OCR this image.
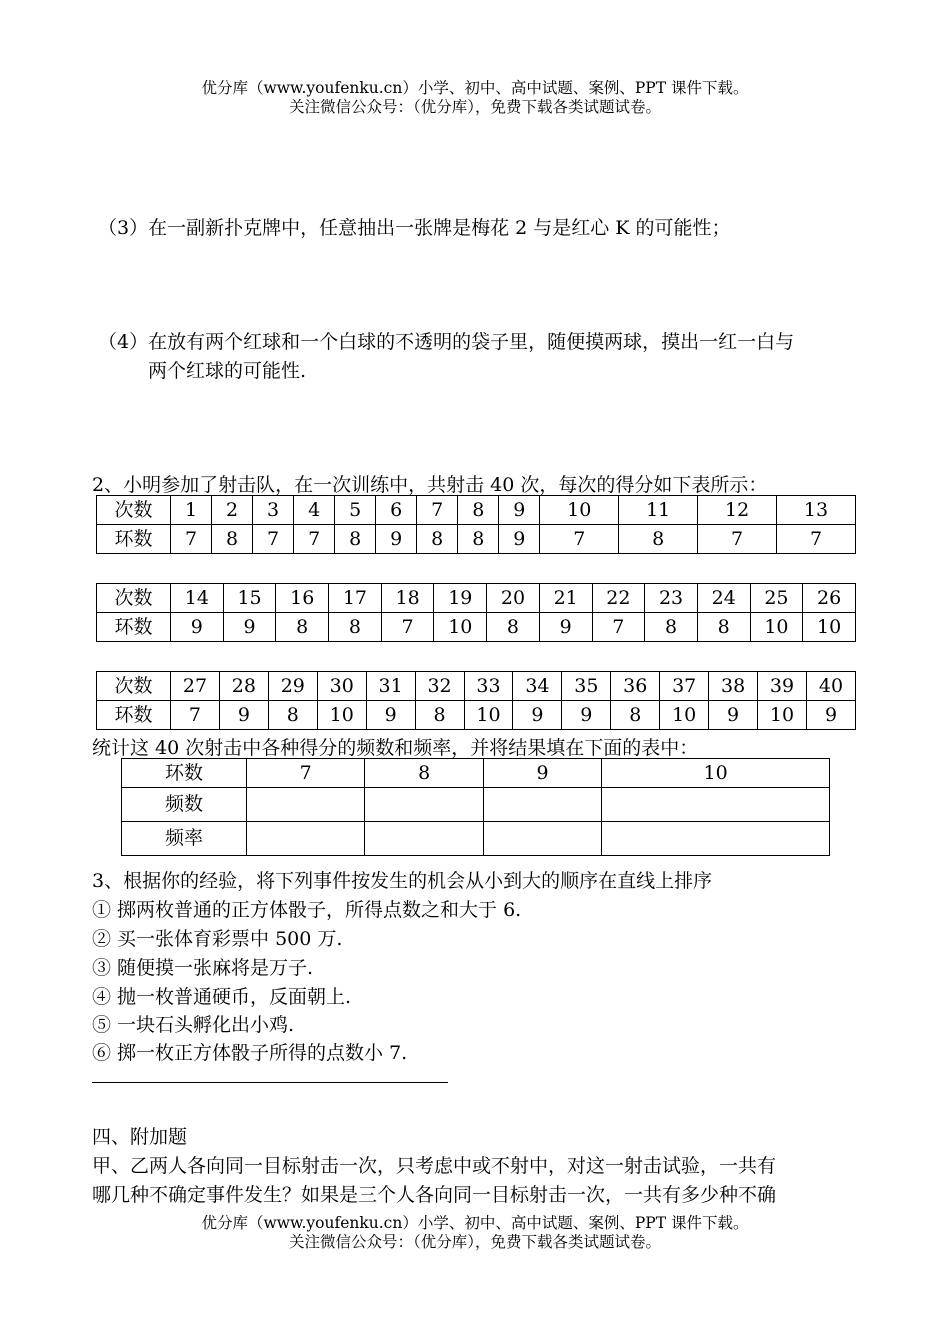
优分库（www.youfenku.cn）小学、初中、高中试题、案例、PPT 课件下载。
关注微信公众号：（优分库），免费下载各类试题试卷。
（3）在一副新扑克牌中，任意抽出一张牌是梅花 2 与是红心 K 的可能性；
（4）在放有两个红球和一个白球的不透明的袋子里，随便摸两球，摸出一红一白与
两个红球的可能性.
2、小明参加了射击队，在一次训练中，共射击 40 次，每次的得分如下表所示：
次数	1	2	3	4	5	6	7	8	9	10	11	12	13
环数	7	8	7	7	8	9	8	8	9	7	8	7	7
次数	14	15	16	17	18	19	20	21	22	23	24	25	26
环数	9	9	8	8	7	10	8	9	7	8	8	10	10
次数	27	28	29	30	31	32	33	34	35	36	37	38	39	40
环数	7	9	8	10	9	8	10	9	9	8	10	9	10	9
统计这 40 次射击中各种得分的频数和频率，并将结果填在下面的表中：
环数	7	8	9	10
频数				
频率				
3、根据你的经验，将下列事件按发生的机会从小到大的顺序在直线上排序
① 掷两枚普通的正方体骰子，所得点数之和大于 6.
② 买一张体育彩票中 500 万.
③ 随便摸一张麻将是万子.
④ 抛一枚普通硬币，反面朝上.
⑤ 一块石头孵化出小鸡.
⑥ 掷一枚正方体骰子所得的点数小 7.
四、附加题
甲、乙两人各向同一目标射击一次，只考虑中或不射中，对这一射击试验，一共有
哪几种不确定事件发生？如果是三个人各向同一目标射击一次，一共有多少种不确
优分库（www.youfenku.cn）小学、初中、高中试题、案例、PPT 课件下载。
关注微信公众号：（优分库），免费下载各类试题试卷。
